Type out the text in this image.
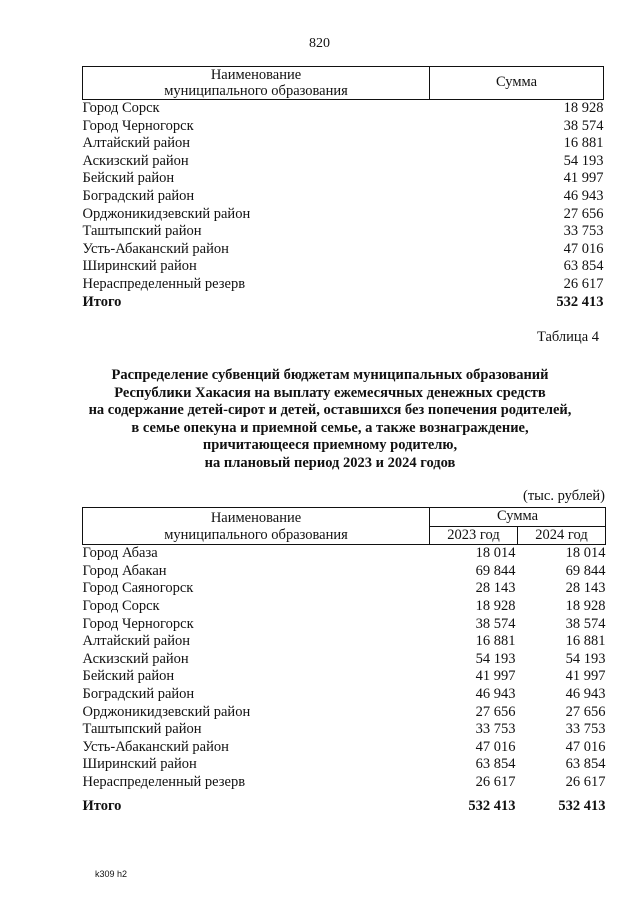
820
Наименование
муниципального образования	Сумма
Город Сорск	18 928
Город Черногорск	38 574
Алтайский район	16 881
Аскизский район	54 193
Бейский район	41 997
Боградский район	46 943
Орджоникидзевский район	27 656
Таштыпский район	33 753
Усть-Абаканский район	47 016
Ширинский район	63 854
Нераспределенный резерв	26 617
Итого	532 413
Таблица 4
Распределение субвенций бюджетам муниципальных образований
Республики Хакасия на выплату ежемесячных денежных средств
на содержание детей-сирот и детей, оставшихся без попечения родителей,
в семье опекуна и приемной семье, а также вознаграждение,
причитающееся приемному родителю,
на плановый период 2023 и 2024 годов
(тыс. рублей)
Наименование
муниципального образования	Сумма	
	2023 год	2024 год
Город Абаза	18 014	18 014
Город Абакан	69 844	69 844
Город Саяногорск	28 143	28 143
Город Сорск	18 928	18 928
Город Черногорск	38 574	38 574
Алтайский район	16 881	16 881
Аскизский район	54 193	54 193
Бейский район	41 997	41 997
Боградский район	46 943	46 943
Орджоникидзевский район	27 656	27 656
Таштыпский район	33 753	33 753
Усть-Абаканский район	47 016	47 016
Ширинский район	63 854	63 854
Нераспределенный резерв	26 617	26 617
Итого	532 413	532 413
k309 h2
